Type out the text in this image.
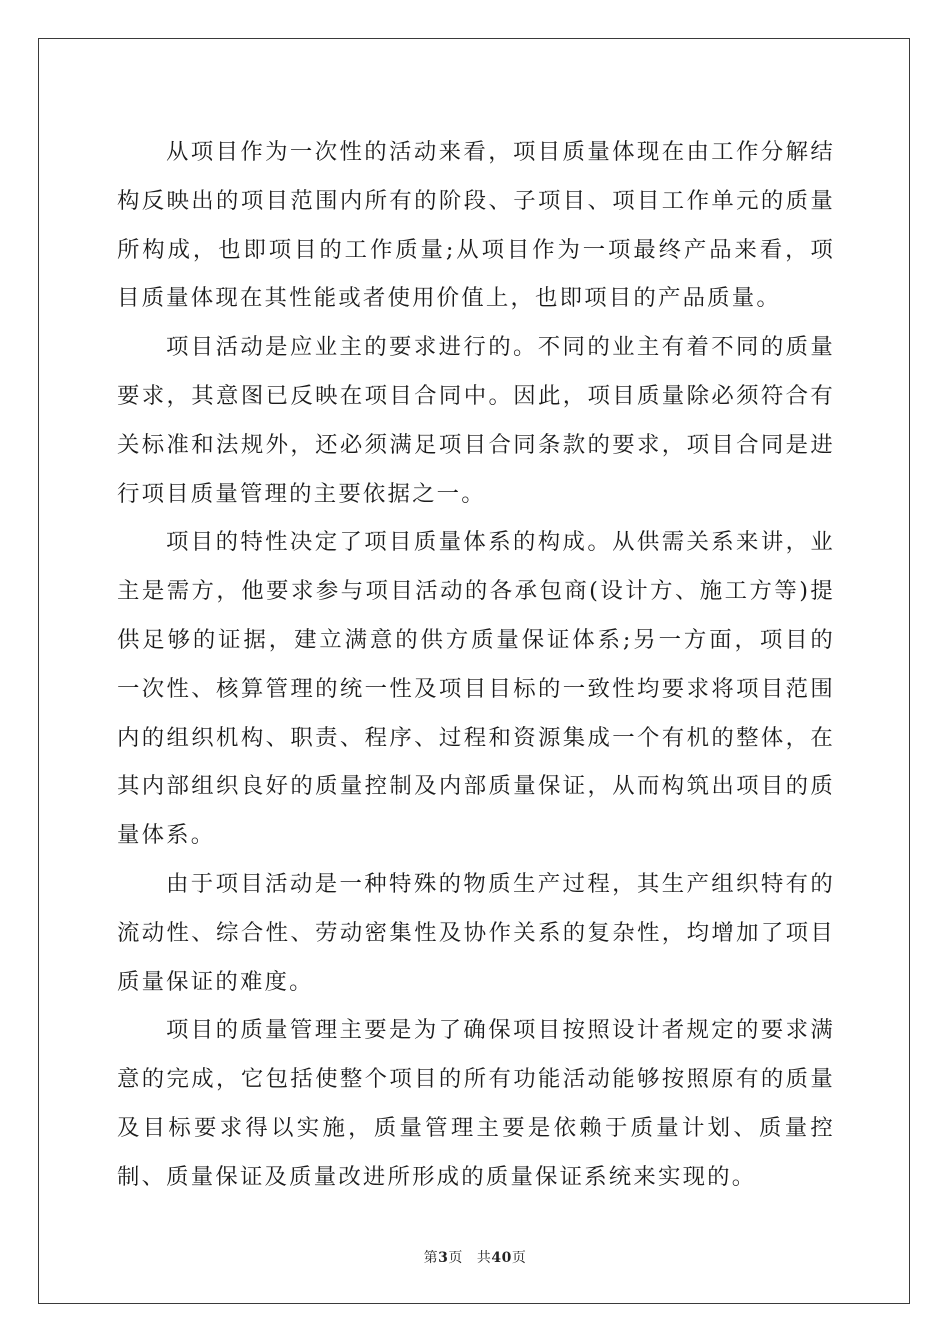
从项目作为一次性的活动来看，项目质量体现在由工作分解结构反映出的项目范围内所有的阶段、子项目、项目工作单元的质量所构成，也即项目的工作质量;从项目作为一项最终产品来看，项目质量体现在其性能或者使用价值上，也即项目的产品质量。

项目活动是应业主的要求进行的。不同的业主有着不同的质量要求，其意图已反映在项目合同中。因此，项目质量除必须符合有关标准和法规外，还必须满足项目合同条款的要求，项目合同是进行项目质量管理的主要依据之一。

项目的特性决定了项目质量体系的构成。从供需关系来讲，业主是需方，他要求参与项目活动的各承包商(设计方、施工方等)提供足够的证据，建立满意的供方质量保证体系;另一方面，项目的一次性、核算管理的统一性及项目目标的一致性均要求将项目范围内的组织机构、职责、程序、过程和资源集成一个有机的整体，在其内部组织良好的质量控制及内部质量保证，从而构筑出项目的质量体系。

由于项目活动是一种特殊的物质生产过程，其生产组织特有的流动性、综合性、劳动密集性及协作关系的复杂性，均增加了项目质量保证的难度。

项目的质量管理主要是为了确保项目按照设计者规定的要求满意的完成，它包括使整个项目的所有功能活动能够按照原有的质量及目标要求得以实施，质量管理主要是依赖于质量计划、质量控制、质量保证及质量改进所形成的质量保证系统来实现的。

第3页 共40页
